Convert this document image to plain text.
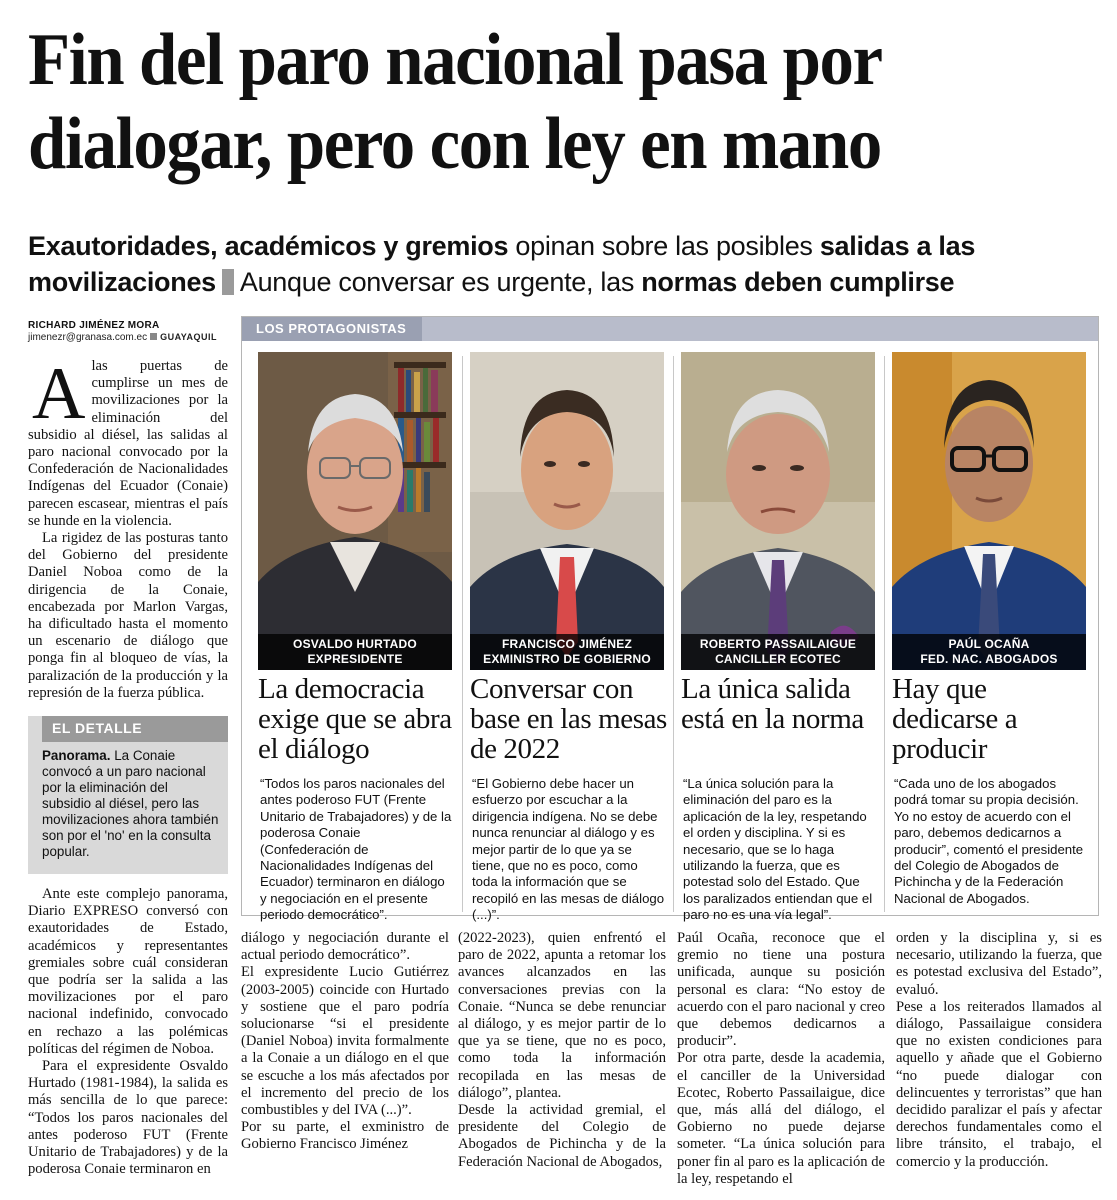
Fin del paro nacional pasa por
dialogar, pero con ley en mano
Exautoridades, académicos y gremios opinan sobre las posibles salidas a las movilizaciones Aunque conversar es urgente, las normas deben cumplirse
RICHARD JIMÉNEZ MORA
jimenezr@granasa.com.ec GUAYAQUIL
A las puertas de cumplirse un mes de movilizaciones por la eliminación del subsidio al diésel, las salidas al paro nacional convocado por la Confederación de Nacionalidades Indígenas del Ecuador (Conaie) parecen escasear, mientras el país se hunde en la violencia.

La rigidez de las posturas tanto del Gobierno del presidente Daniel Noboa como de la dirigencia de la Conaie, encabezada por Marlon Vargas, ha dificultado hasta el momento un escenario de diálogo que ponga fin al bloqueo de vías, la paralización de la producción y la represión de la fuerza pública.

EL DETALLE
Panorama. La Conaie convocó a un paro nacional por la eliminación del subsidio al diésel, pero las movilizaciones ahora también son por el 'no' en la consulta popular.

Ante este complejo panorama, Diario EXPRESO conversó con exautoridades de Estado, académicos y representantes gremiales sobre cuál consideran que podría ser la salida a las movilizaciones por el paro nacional indefinido, convocado en rechazo a las polémicas políticas del régimen de Noboa.

Para el expresidente Osvaldo Hurtado (1981-1984), la salida es más sencilla de lo que parece: “Todos los paros nacionales del antes poderoso FUT (Frente Unitario de Trabajadores) y de la poderosa Conaie terminaron en

LOS PROTAGONISTAS
OSVALDO HURTADO
EXPRESIDENTE
La democracia exige que se abra el diálogo
“Todos los paros nacionales del antes poderoso FUT (Frente Unitario de Trabajadores) y de la poderosa Conaie (Confederación de Nacionalidades Indígenas del Ecuador) terminaron en diálogo y negociación en el presente periodo democrático”.
FRANCISCO JIMÉNEZ
EXMINISTRO DE GOBIERNO
Conversar con base en las mesas de 2022
“El Gobierno debe hacer un esfuerzo por escuchar a la dirigencia indígena. No se debe nunca renunciar al diálogo y es mejor partir de lo que ya se tiene, que no es poco, como toda la información que se recopiló en las mesas de diálogo (...)”.
ROBERTO PASSAILAIGUE
CANCILLER ECOTEC
La única salida está en la norma
“La única solución para la eliminación del paro es la aplicación de la ley, respetando el orden y disciplina. Y si es necesario, que se lo haga utilizando la fuerza, que es potestad solo del Estado. Que los paralizados entiendan que el paro no es una vía legal”.
PAÚL OCAÑA
FED. NAC. ABOGADOS
Hay que dedicarse a producir
“Cada uno de los abogados podrá tomar su propia decisión. Yo no estoy de acuerdo con el paro, debemos dedicarnos a producir”, comentó el presidente del Colegio de Abogados de Pichincha y de la Federación Nacional de Abogados.
diálogo y negociación durante el actual periodo democrático”.
El expresidente Lucio Gutiérrez (2003-2005) coincide con Hurtado y sostiene que el paro podría solucionarse “si el presidente (Daniel Noboa) invita formalmente a la Conaie a un diálogo en el que se escuche a los más afectados por el incremento del precio de los combustibles y del IVA (...)”.
Por su parte, el exministro de Gobierno Francisco Jiménez
(2022-2023), quien enfrentó el paro de 2022, apunta a retomar los avances alcanzados en las conversaciones previas con la Conaie. “Nunca se debe renunciar al diálogo, y es mejor partir de lo que ya se tiene, que no es poco, como toda la información recopilada en las mesas de diálogo”, plantea.
Desde la actividad gremial, el presidente del Colegio de Abogados de Pichincha y de la Federación Nacional de Abogados,
Paúl Ocaña, reconoce que el gremio no tiene una postura unificada, aunque su posición personal es clara: “No estoy de acuerdo con el paro nacional y creo que debemos dedicarnos a producir”.
Por otra parte, desde la academia, el canciller de la Universidad Ecotec, Roberto Passailaigue, dice que, más allá del diálogo, el Gobierno no puede dejarse someter. “La única solución para poner fin al paro es la aplicación de la ley, respetando el
orden y la disciplina y, si es necesario, utilizando la fuerza, que es potestad exclusiva del Estado”, evaluó.
Pese a los reiterados llamados al diálogo, Passailaigue considera que no existen condiciones para aquello y añade que el Gobierno “no puede dialogar con delincuentes y terroristas” que han decidido paralizar el país y afectar derechos fundamentales como el libre tránsito, el trabajo, el comercio y la producción.
